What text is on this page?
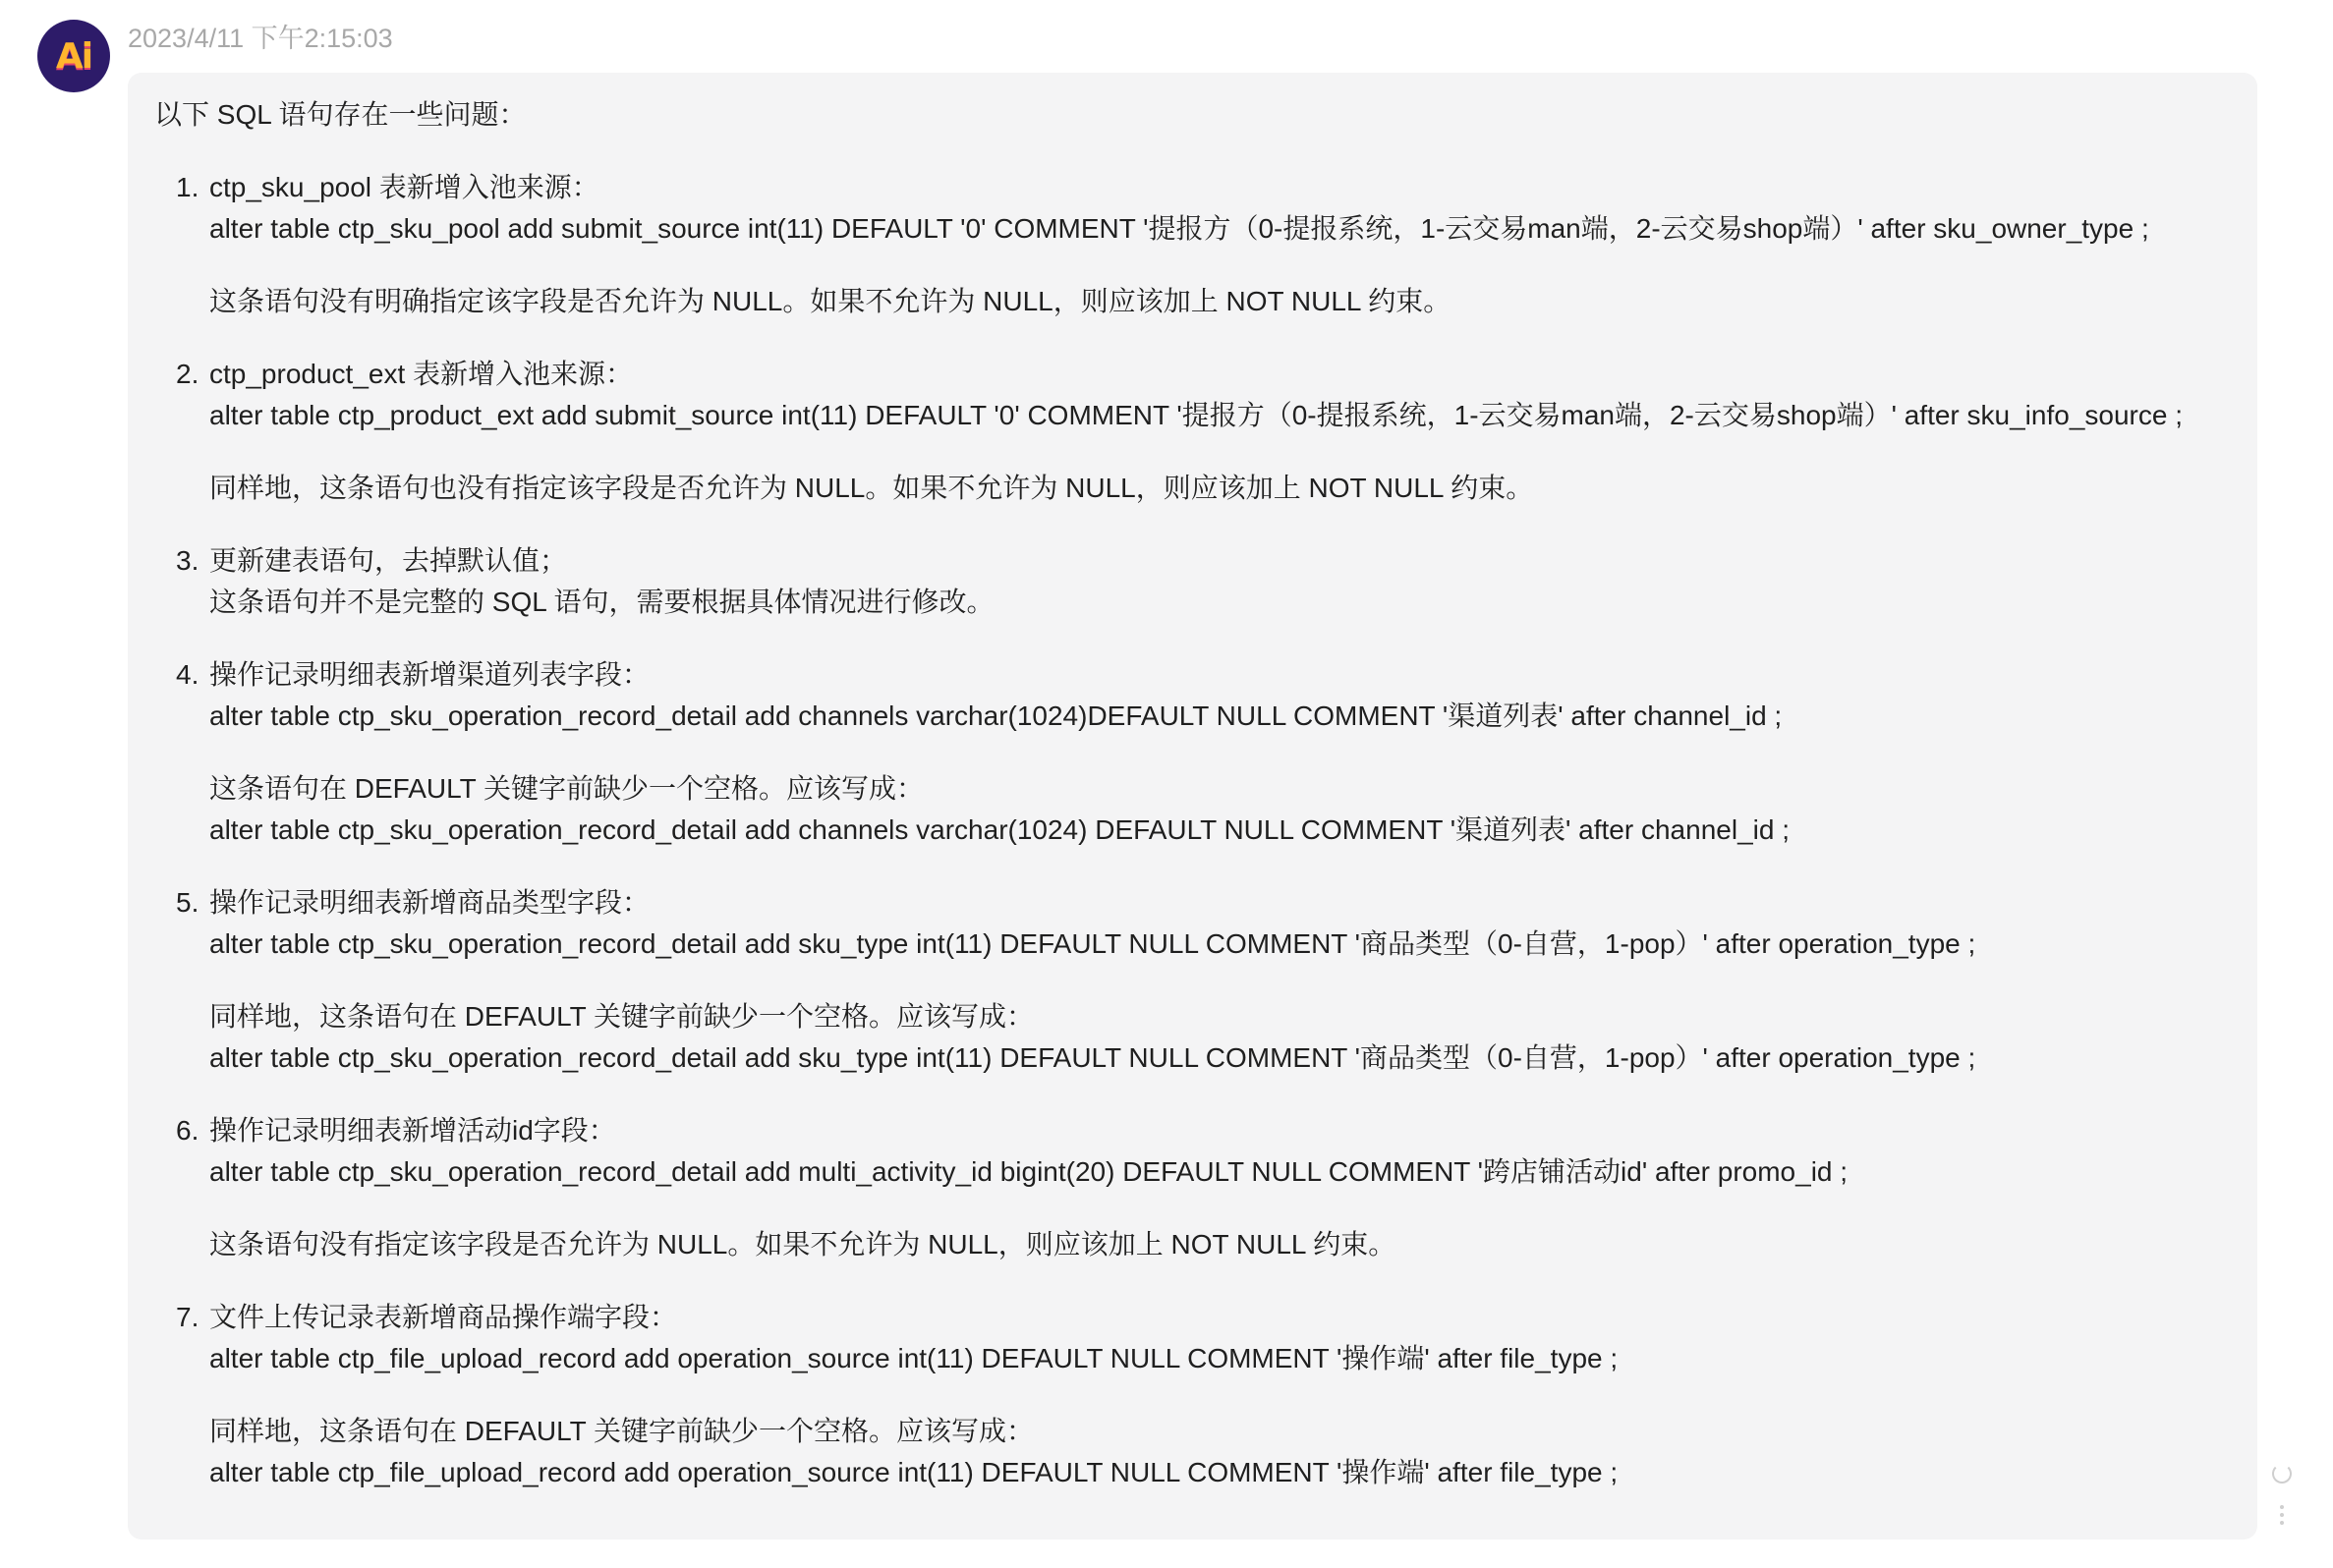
Ai 2023/4/11 下午2:15:03
以下 SQL 语句存在一些问题：
1. ctp_sku_pool 表新增入池来源：
alter table ctp_sku_pool add submit_source int(11) DEFAULT '0' COMMENT '提报方（0-提报系统，1-云交易man端，2-云交易shop端）' after sku_owner_type ;
这条语句没有明确指定该字段是否允许为 NULL。如果不允许为 NULL，则应该加上 NOT NULL 约束。
2. ctp_product_ext 表新增入池来源：
alter table ctp_product_ext add submit_source int(11) DEFAULT '0' COMMENT '提报方（0-提报系统，1-云交易man端，2-云交易shop端）' after sku_info_source ;
同样地，这条语句也没有指定该字段是否允许为 NULL。如果不允许为 NULL，则应该加上 NOT NULL 约束。
3. 更新建表语句，去掉默认值；
这条语句并不是完整的 SQL 语句，需要根据具体情况进行修改。
4. 操作记录明细表新增渠道列表字段：
alter table ctp_sku_operation_record_detail add channels varchar(1024)DEFAULT NULL COMMENT '渠道列表' after channel_id ;
这条语句在 DEFAULT 关键字前缺少一个空格。应该写成：
alter table ctp_sku_operation_record_detail add channels varchar(1024) DEFAULT NULL COMMENT '渠道列表' after channel_id ;
5. 操作记录明细表新增商品类型字段：
alter table ctp_sku_operation_record_detail add sku_type int(11) DEFAULT NULL COMMENT '商品类型（0-自营，1-pop）' after operation_type ;
同样地，这条语句在 DEFAULT 关键字前缺少一个空格。应该写成：
alter table ctp_sku_operation_record_detail add sku_type int(11) DEFAULT NULL COMMENT '商品类型（0-自营，1-pop）' after operation_type ;
6. 操作记录明细表新增活动id字段：
alter table ctp_sku_operation_record_detail add multi_activity_id bigint(20) DEFAULT NULL COMMENT '跨店铺活动id' after promo_id ;
这条语句没有指定该字段是否允许为 NULL。如果不允许为 NULL，则应该加上 NOT NULL 约束。
7. 文件上传记录表新增商品操作端字段：
alter table ctp_file_upload_record add operation_source int(11) DEFAULT NULL COMMENT '操作端' after file_type ;
同样地，这条语句在 DEFAULT 关键字前缺少一个空格。应该写成：
alter table ctp_file_upload_record add operation_source int(11) DEFAULT NULL COMMENT '操作端' after file_type ;
